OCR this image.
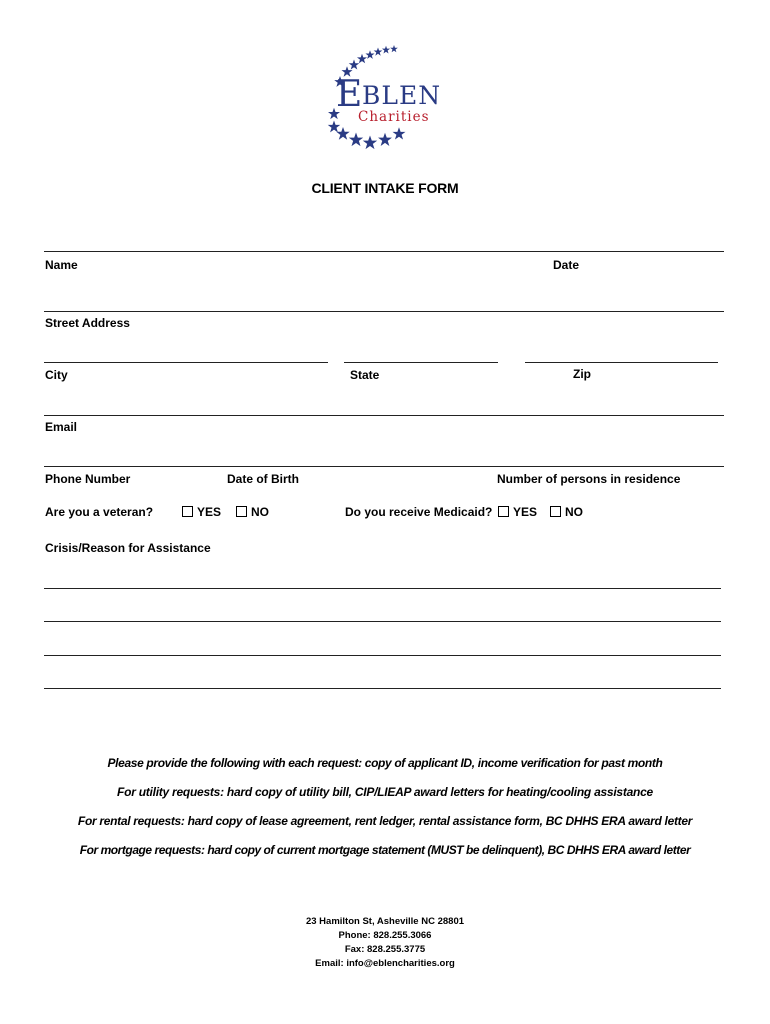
E BLEN
Charities
CLIENT INTAKE FORM
Name	Date
Street Address
City	State	Zip
Email
Phone Number	Date of Birth	Number of persons in residence
Are you a veteran?	YES	NO	Do you receive Medicaid?	YES	NO
Crisis/Reason for Assistance
Please provide the following with each request: copy of applicant ID, income verification for past month
For utility requests: hard copy of utility bill, CIP/LIEAP award letters for heating/cooling assistance
For rental requests: hard copy of lease agreement, rent ledger, rental assistance form, BC DHHS ERA award letter
For mortgage requests: hard copy of current mortgage statement (MUST be delinquent), BC DHHS ERA award letter
23 Hamilton St, Asheville NC 28801
Phone: 828.255.3066
Fax: 828.255.3775
Email: info@eblencharities.org
